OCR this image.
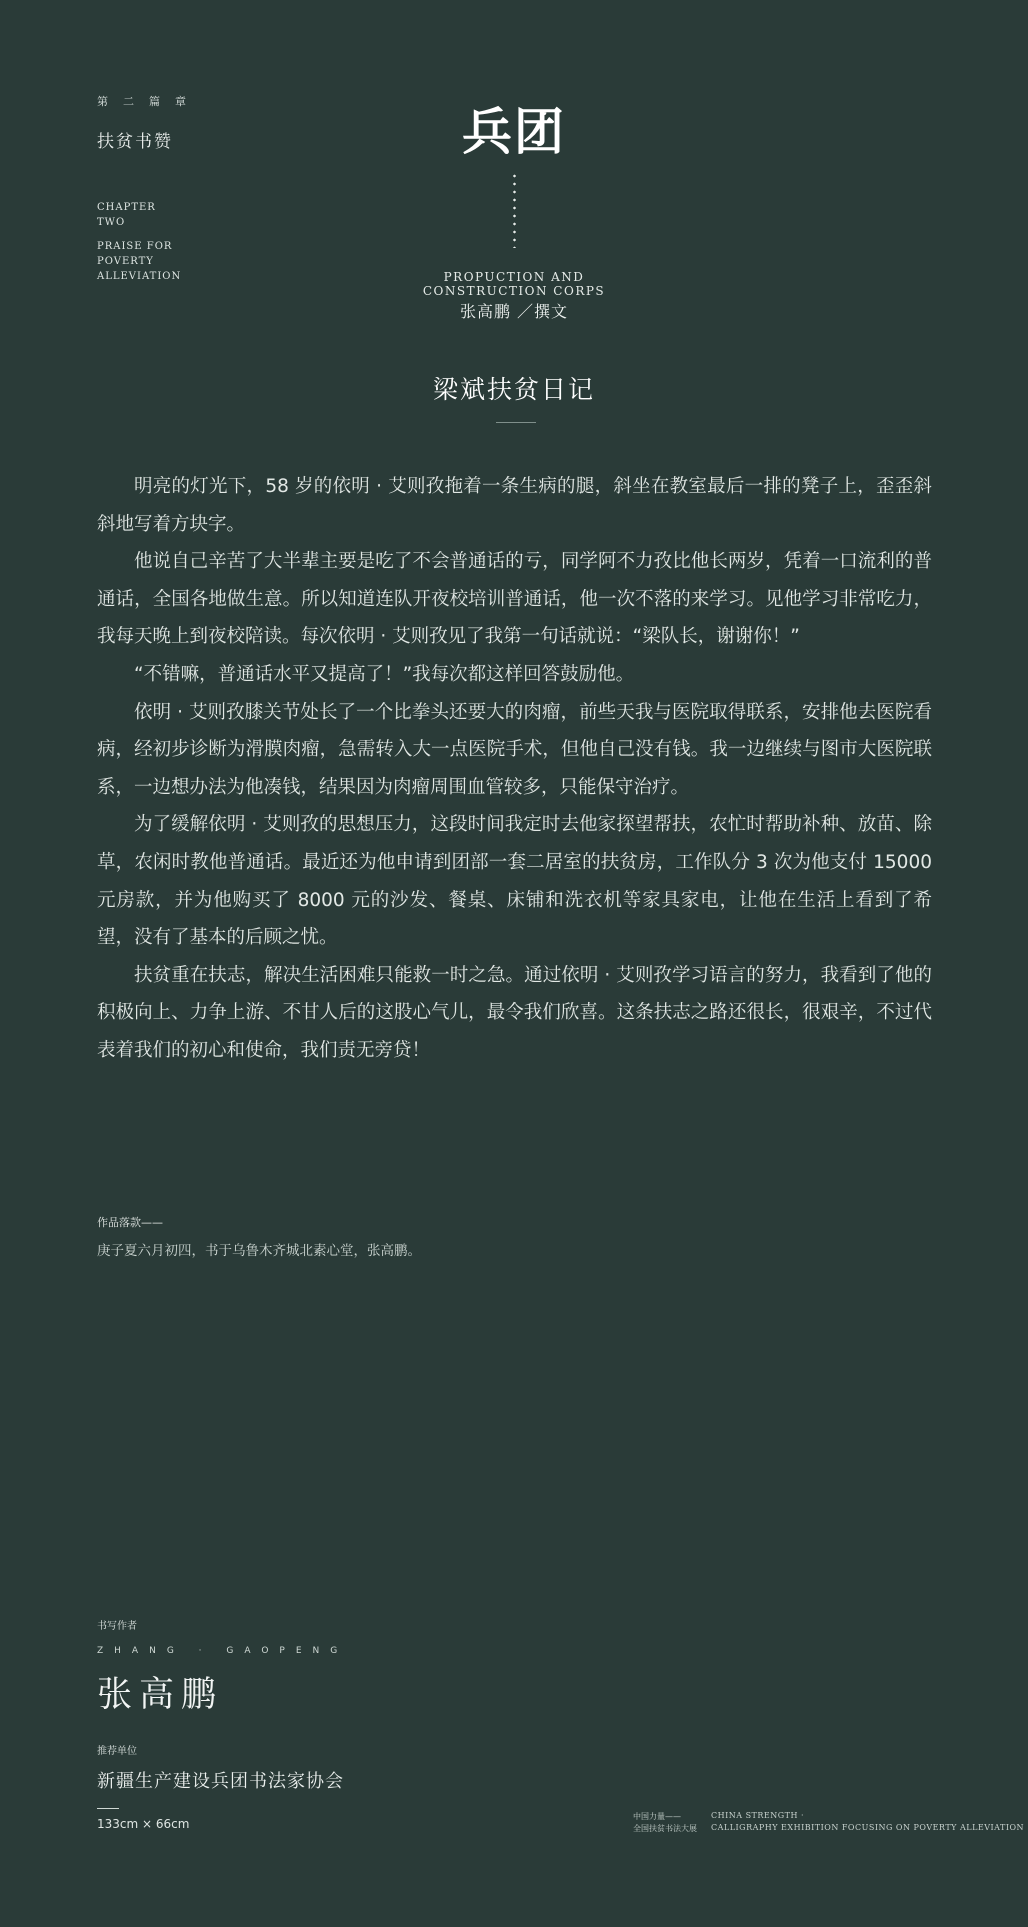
第二篇章
扶贫书赞
CHAPTER
TWO
PRAISE FOR
POVERTY
ALLEVIATION
兵团
PROPUCTION AND
CONSTRUCTION CORPS
张高鹏 ／撰文
梁斌扶贫日记

明亮的灯光下，58 岁的依明 · 艾则孜拖着一条生病的腿，斜坐在教室最后一排的凳子上，歪歪斜斜地写着方块字。

他说自己辛苦了大半辈主要是吃了不会普通话的亏，同学阿不力孜比他长两岁，凭着一口流利的普通话，全国各地做生意。所以知道连队开夜校培训普通话，他一次不落的来学习。见他学习非常吃力，我每天晚上到夜校陪读。每次依明 · 艾则孜见了我第一句话就说：“梁队长，谢谢你！”

“不错嘛，普通话水平又提高了！”我每次都这样回答鼓励他。

依明 · 艾则孜膝关节处长了一个比拳头还要大的肉瘤，前些天我与医院取得联系，安排他去医院看病，经初步诊断为滑膜肉瘤，急需转入大一点医院手术，但他自己没有钱。我一边继续与图市大医院联系，一边想办法为他凑钱，结果因为肉瘤周围血管较多，只能保守治疗。

为了缓解依明 · 艾则孜的思想压力，这段时间我定时去他家探望帮扶，农忙时帮助补种、放苗、除草，农闲时教他普通话。最近还为他申请到团部一套二居室的扶贫房，工作队分 3 次为他支付 15000 元房款，并为他购买了 8000 元的沙发、餐桌、床铺和洗衣机等家具家电，让他在生活上看到了希望，没有了基本的后顾之忧。

扶贫重在扶志，解决生活困难只能救一时之急。通过依明 · 艾则孜学习语言的努力，我看到了他的积极向上、力争上游、不甘人后的这股心气儿，最令我们欣喜。这条扶志之路还很长，很艰辛，不过代表着我们的初心和使命，我们责无旁贷！

作品落款——
庚子夏六月初四，书于乌鲁木齐城北素心堂，张高鹏。
书写作者
ZHANG · GAOPENG
张高鹏
推荐单位
新疆生产建设兵团书法家协会
133cm × 66cm
中国力量——
全国扶贫书法大展
CHINA STRENGTH ·
CALLIGRAPHY EXHIBITION FOCUSING ON POVERTY ALLEVIATION
